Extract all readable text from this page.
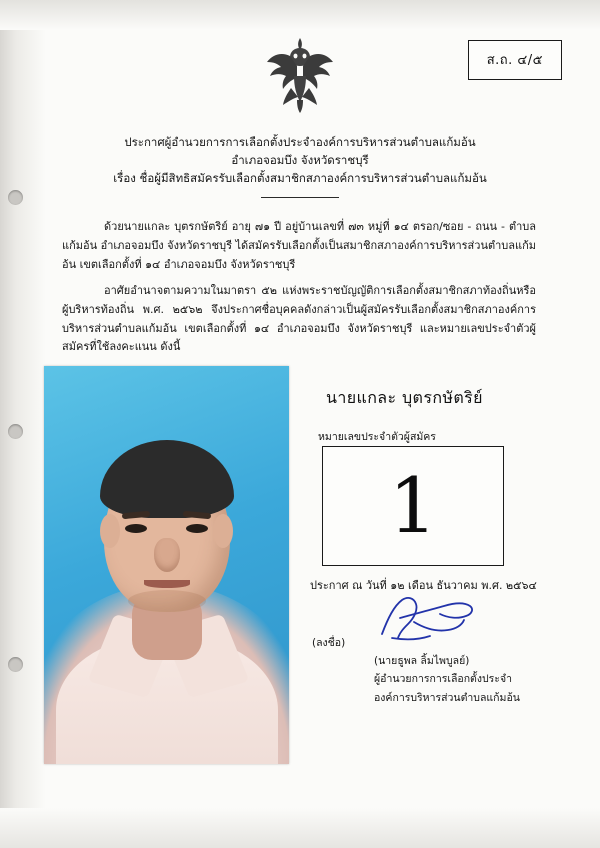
ส.ถ. ๔/๕
ประกาศผู้อำนวยการการเลือกตั้งประจำองค์การบริหารส่วนตำบลแก้มอ้น
อำเภอจอมบึง จังหวัดราชบุรี
เรื่อง ชื่อผู้มีสิทธิสมัครรับเลือกตั้งสมาชิกสภาองค์การบริหารส่วนตำบลแก้มอ้น

ด้วยนายแกละ บุตรกษัตริย์ อายุ ๗๑ ปี อยู่บ้านเลขที่ ๗๓ หมู่ที่ ๑๔ ตรอก/ซอย - ถนน - ตำบล แก้มอ้น อำเภอจอมบึง จังหวัดราชบุรี ได้สมัครรับเลือกตั้งเป็นสมาชิกสภาองค์การบริหารส่วนตำบลแก้มอ้น เขตเลือกตั้งที่ ๑๔ อำเภอจอมบึง จังหวัดราชบุรี

อาศัยอำนาจตามความในมาตรา ๕๒ แห่งพระราชบัญญัติการเลือกตั้งสมาชิกสภาท้องถิ่นหรือผู้บริหารท้องถิ่น พ.ศ. ๒๕๖๒ จึงประกาศชื่อบุคคลดังกล่าวเป็นผู้สมัครรับเลือกตั้งสมาชิกสภาองค์การบริหารส่วนตำบลแก้มอ้น เขตเลือกตั้งที่ ๑๔ อำเภอจอมบึง จังหวัดราชบุรี และหมายเลขประจำตัวผู้สมัครที่ใช้ลงคะแนน ดังนี้

นายแกละ บุตรกษัตริย์
หมายเลขประจำตัวผู้สมัคร
1
ประกาศ ณ วันที่ ๑๒ เดือน ธันวาคม พ.ศ. ๒๕๖๔
(ลงชื่อ)
(นายธูพล ลิ้มไพบูลย์)
ผู้อำนวยการการเลือกตั้งประจำ
องค์การบริหารส่วนตำบลแก้มอ้น
